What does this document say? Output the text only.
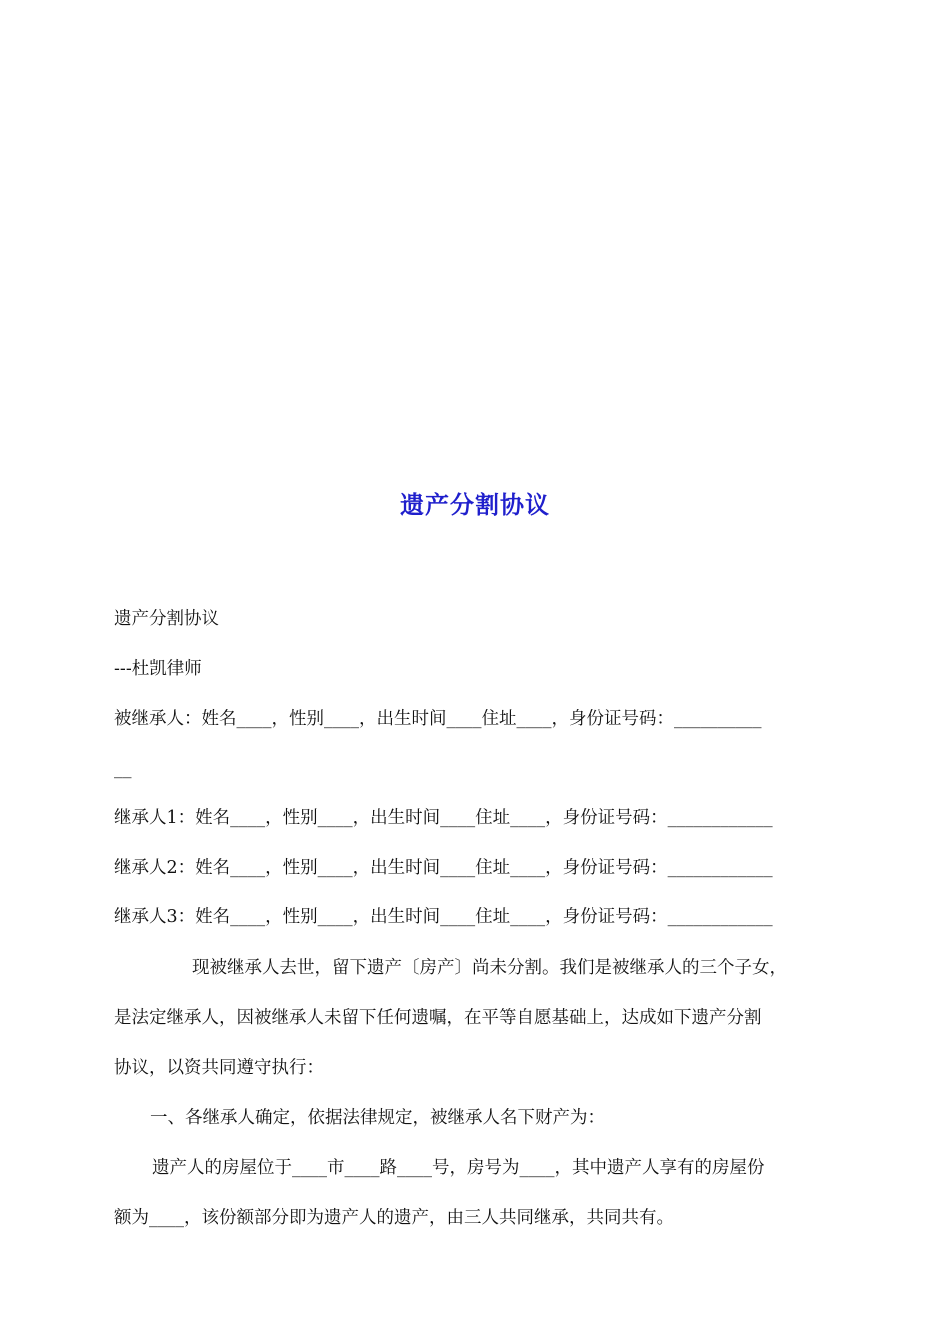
遗产分割协议
遗产分割协议
---杜凯律师
被继承人：姓名____，性别____，出生时间____住址____，身份证号码：__________
__
继承人1：姓名____，性别____，出生时间____住址____，身份证号码：____________
继承人2：姓名____，性别____，出生时间____住址____，身份证号码：____________
继承人3：姓名____，性别____，出生时间____住址____，身份证号码：____________
现被继承人去世，留下遗产〔房产〕尚未分割。我们是被继承人的三个子女，
是法定继承人，因被继承人未留下任何遗嘱，在平等自愿基础上，达成如下遗产分割
协议，以资共同遵守执行：
一、各继承人确定，依据法律规定，被继承人名下财产为：
遗产人的房屋位于____市____路____号，房号为____，其中遗产人享有的房屋份
额为____，该份额部分即为遗产人的遗产，由三人共同继承，共同共有。
